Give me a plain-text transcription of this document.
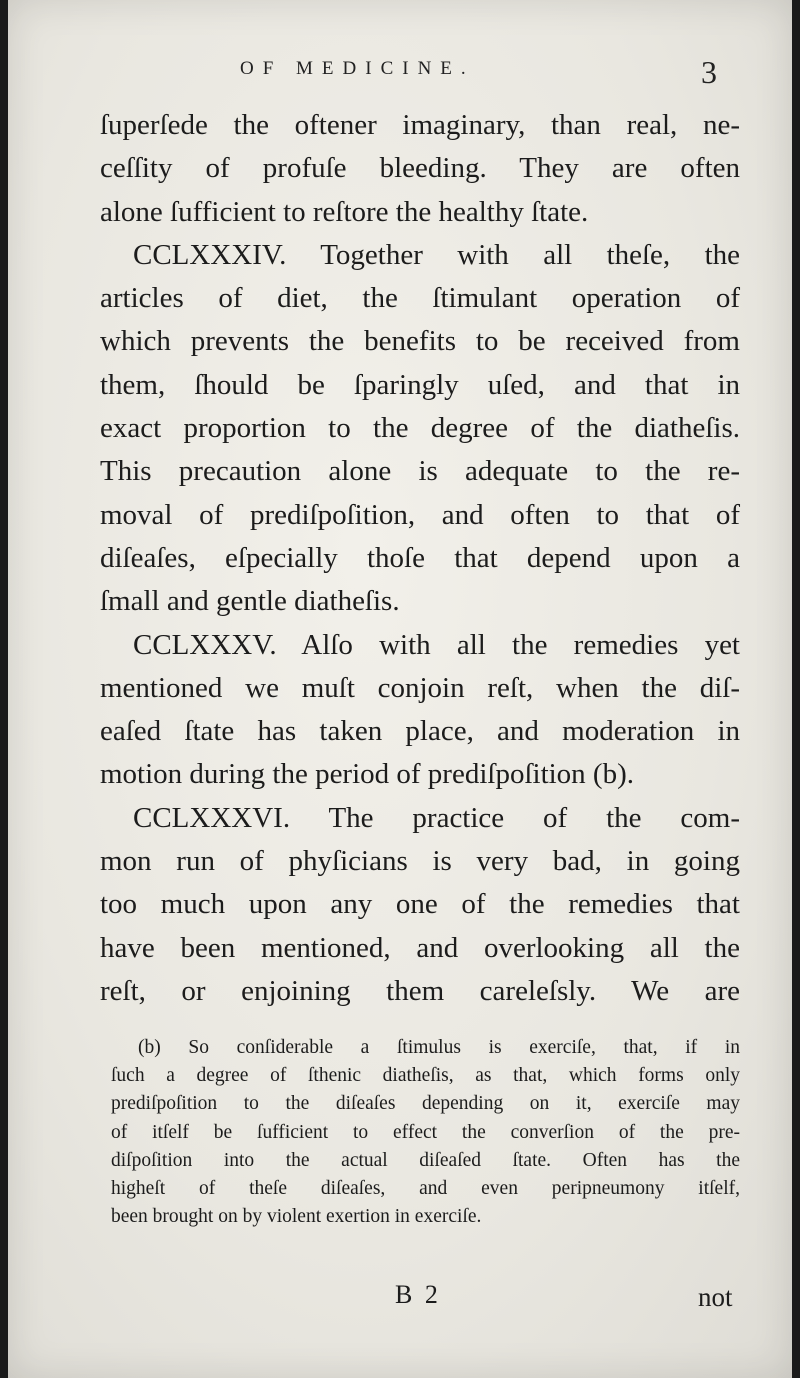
OF MEDICINE.	3
ſuperſede the oftener imaginary, than real, ne-
ceſſity of profuſe bleeding. They are often
alone ſufficient to reſtore the healthy ſtate.
CCLXXXIV. Together with all theſe, the
articles of diet, the ſtimulant operation of
which prevents the benefits to be received from
them, ſhould be ſparingly uſed, and that in
exact proportion to the degree of the diatheſis.
This precaution alone is adequate to the re-
moval of prediſpoſition, and often to that of
diſeaſes, eſpecially thoſe that depend upon a
ſmall and gentle diatheſis.
CCLXXXV. Alſo with all the remedies yet
mentioned we muſt conjoin reſt, when the diſ-
eaſed ſtate has taken place, and moderation in
motion during the period of prediſpoſition (b).
CCLXXXVI. The practice of the com-
mon run of phyſicians is very bad, in going
too much upon any one of the remedies that
have been mentioned, and overlooking all the
reſt, or enjoining them careleſsly. We are
(b) So conſiderable a ſtimulus is exerciſe, that, if in
ſuch a degree of ſthenic diatheſis, as that, which forms only
prediſpoſition to the diſeaſes depending on it, exerciſe may
of itſelf be ſufficient to effect the converſion of the pre-
diſpoſition into the actual diſeaſed ſtate. Often has the
higheſt of theſe diſeaſes, and even peripneumony itſelf,
been brought on by violent exertion in exerciſe.
B 2	not
